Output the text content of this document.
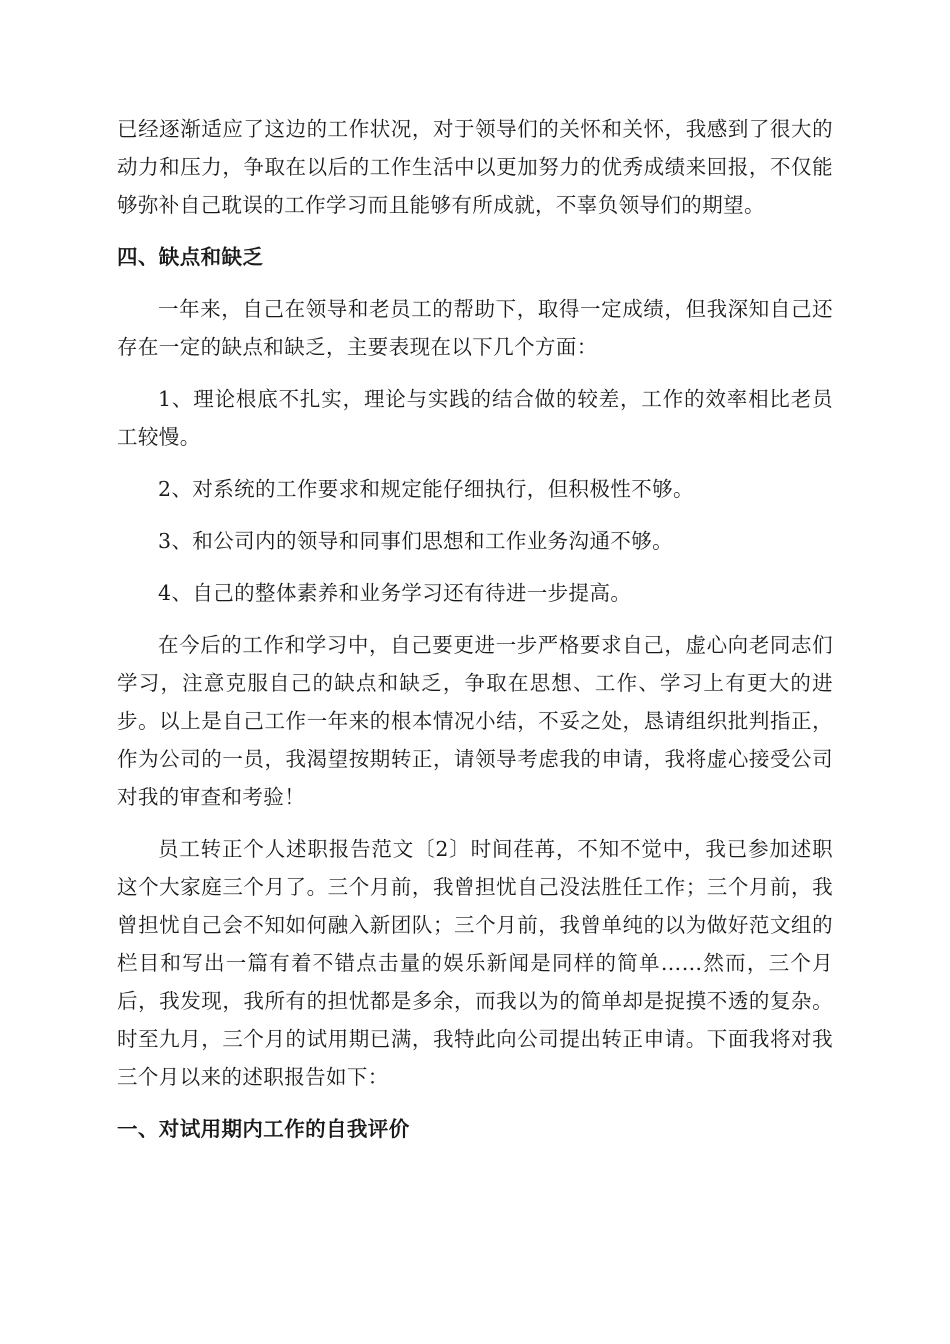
已经逐渐适应了这边的工作状况，对于领导们的关怀和关怀，我感到了很大的动力和压力，争取在以后的工作生活中以更加努力的优秀成绩来回报，不仅能够弥补自己耽误的工作学习而且能够有所成就，不辜负领导们的期望。

四、缺点和缺乏

一年来，自己在领导和老员工的帮助下，取得一定成绩，但我深知自己还存在一定的缺点和缺乏，主要表现在以下几个方面：

1、理论根底不扎实，理论与实践的结合做的较差，工作的效率相比老员工较慢。

2、对系统的工作要求和规定能仔细执行，但积极性不够。

3、和公司内的领导和同事们思想和工作业务沟通不够。

4、自己的整体素养和业务学习还有待进一步提高。

在今后的工作和学习中，自己要更进一步严格要求自己，虚心向老同志们学习，注意克服自己的缺点和缺乏，争取在思想、工作、学习上有更大的进步。以上是自己工作一年来的根本情况小结，不妥之处，恳请组织批判指正，作为公司的一员，我渴望按期转正，请领导考虑我的申请，我将虚心接受公司对我的审查和考验！

员工转正个人述职报告范文〔2〕时间荏苒，不知不觉中，我已参加述职这个大家庭三个月了。三个月前，我曾担忧自己没法胜任工作；三个月前，我曾担忧自己会不知如何融入新团队；三个月前，我曾单纯的以为做好范文组的栏目和写出一篇有着不错点击量的娱乐新闻是同样的简单……然而，三个月后，我发现，我所有的担忧都是多余，而我以为的简单却是捉摸不透的复杂。时至九月，三个月的试用期已满，我特此向公司提出转正申请。下面我将对我三个月以来的述职报告如下：

一、对试用期内工作的自我评价
